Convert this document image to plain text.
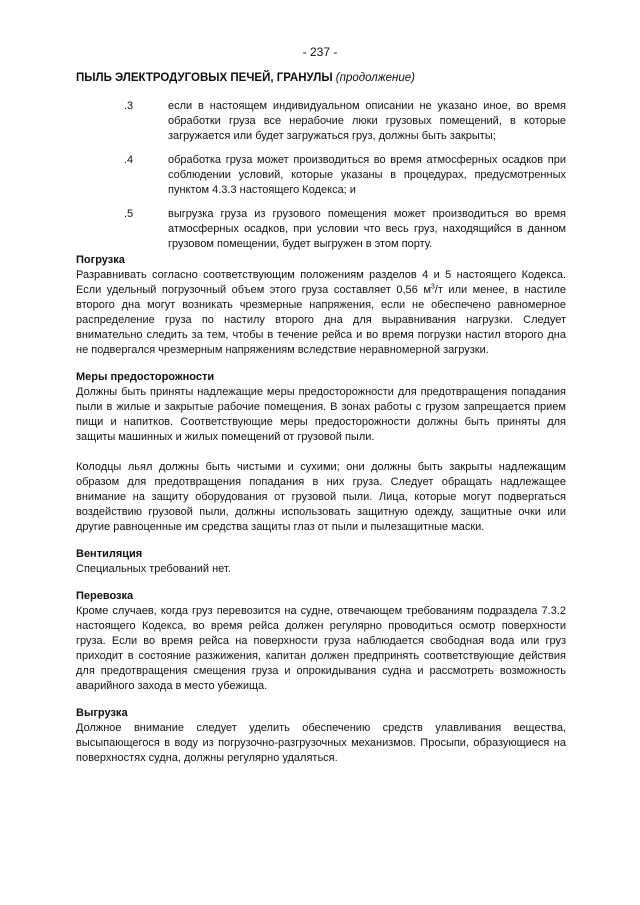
- 237 -
ПЫЛЬ ЭЛЕКТРОДУГОВЫХ ПЕЧЕЙ, ГРАНУЛЫ (продолжение)
.3	если в настоящем индивидуальном описании не указано иное, во время обработки груза все нерабочие люки грузовых помещений, в которые загружается или будет загружаться груз, должны быть закрыты;
.4	обработка груза может производиться во время атмосферных осадков при соблюдении условий, которые указаны в процедурах, предусмотренных пунктом 4.3.3 настоящего Кодекса; и
.5	выгрузка груза из грузового помещения может производиться во время атмосферных осадков, при условии что весь груз, находящийся в данном грузовом помещении, будет выгружен в этом порту.
Погрузка

Разравнивать согласно соответствующим положениям разделов 4 и 5 настоящего Кодекса. Если удельный погрузочный объем этого груза составляет 0,56 $м^3/т$ или менее, в настиле второго дна могут возникать чрезмерные напряжения, если не обеспечено равномерное распределение груза по настилу второго дна для выравнивания нагрузки. Следует внимательно следить за тем, чтобы в течение рейса и во время погрузки настил второго дна не подвергался чрезмерным напряжениям вследствие неравномерной загрузки.

Меры предосторожности

Должны быть приняты надлежащие меры предосторожности для предотвращения попадания пыли в жилые и закрытые рабочие помещения. В зонах работы с грузом запрещается прием пищи и напитков. Соответствующие меры предосторожности должны быть приняты для защиты машинных и жилых помещений от грузовой пыли.

Колодцы льял должны быть чистыми и сухими; они должны быть закрыты надлежащим образом для предотвращения попадания в них груза. Следует обращать надлежащее внимание на защиту оборудования от грузовой пыли. Лица, которые могут подвергаться воздействию грузовой пыли, должны использовать защитную одежду, защитные очки или другие равноценные им средства защиты глаз от пыли и пылезащитные маски.

Вентиляция

Специальных требований нет.

Перевозка

Кроме случаев, когда груз перевозится на судне, отвечающем требованиям подраздела 7.3.2 настоящего Кодекса, во время рейса должен регулярно проводиться осмотр поверхности груза. Если во время рейса на поверхности груза наблюдается свободная вода или груз приходит в состояние разжижения, капитан должен предпринять соответствующие действия для предотвращения смещения груза и опрокидывания судна и рассмотреть возможность аварийного захода в место убежища.

Выгрузка

Должное внимание следует уделить обеспечению средств улавливания вещества, высыпающегося в воду из погрузочно-разгрузочных механизмов. Просыпи, образующиеся на поверхностях судна, должны регулярно удаляться.
